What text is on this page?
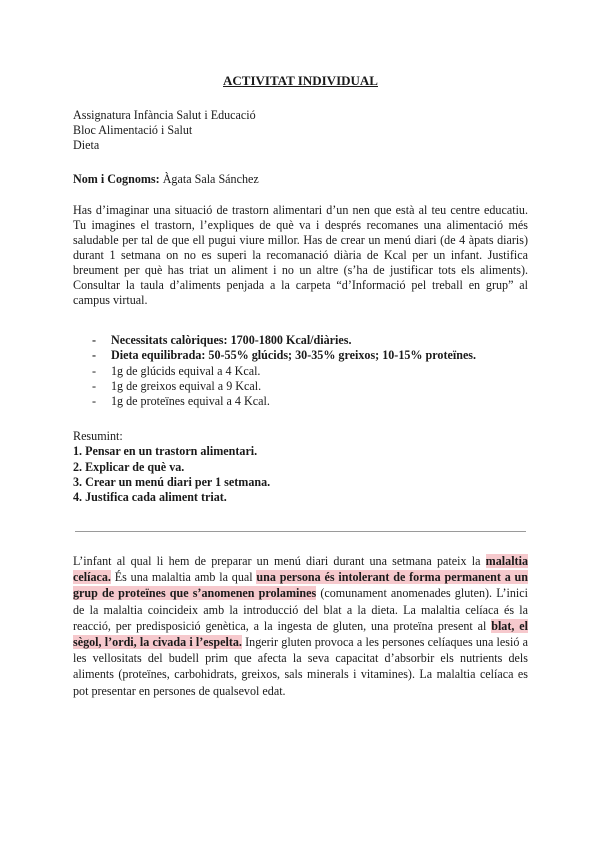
ACTIVITAT INDIVIDUAL
Assignatura Infància Salut i Educació
Bloc Alimentació i Salut
Dieta
Nom i Cognoms: Àgata Sala Sánchez
Has d’imaginar una situació de trastorn alimentari d’un nen que està al teu centre educatiu. Tu imagines el trastorn, l’expliques de què va i després recomanes una alimentació més saludable per tal de que ell pugui viure millor. Has de crear un menú diari (de 4 àpats diaris) durant 1 setmana on no es superi la recomanació diària de Kcal per un infant. Justifica breument per què has triat un aliment i no un altre (s’ha de justificar tots els aliments). Consultar la taula d’aliments penjada a la carpeta “d’Informació pel treball en grup” al campus virtual.
- Necessitats calòriques: 1700-1800 Kcal/diàries.
- Dieta equilibrada: 50-55% glúcids; 30-35% greixos; 10-15% proteïnes.
- 1g de glúcids equival a 4 Kcal.
- 1g de greixos equival a 9 Kcal.
- 1g de proteïnes equival a 4 Kcal.
Resumint:
1. Pensar en un trastorn alimentari.
2. Explicar de què va.
3. Crear un menú diari per 1 setmana.
4. Justifica cada aliment triat.
L’infant al qual li hem de preparar un menú diari durant una setmana pateix la malaltia celíaca. És una malaltia amb la qual una persona és intolerant de forma permanent a un grup de proteïnes que s’anomenen prolamines (comunament anomenades gluten). L’inici de la malaltia coincideix amb la introducció del blat a la dieta. La malaltia celíaca és la reacció, per predisposició genètica, a la ingesta de gluten, una proteïna present al blat, el sègol, l’ordi, la civada i l’espelta. Ingerir gluten provoca a les persones celíaques una lesió a les vellositats del budell prim que afecta la seva capacitat d’absorbir els nutrients dels aliments (proteïnes, carbohidrats, greixos, sals minerals i vitamines). La malaltia celíaca es pot presentar en persones de qualsevol edat.
